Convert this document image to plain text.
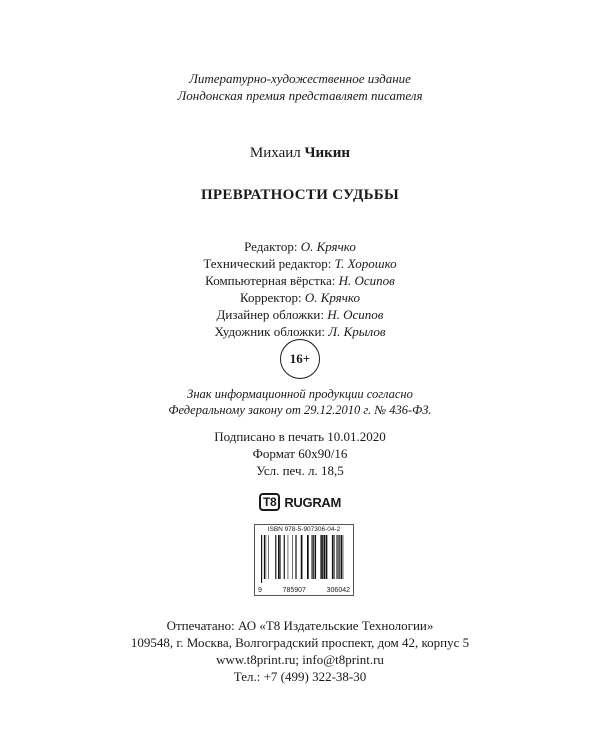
Литературно-художественное издание
Лондонская премия представляет писателя
Михаил Чикин
ПРЕВРАТНОСТИ СУДЬБЫ
Редактор: О. Крячко
Технический редактор: Т. Хорошко
Компьютерная вёрстка: Н. Осипов
Корректор: О. Крячко
Дизайнер обложки: Н. Осипов
Художник обложки: Л. Крылов
16+
Знак информационной продукции согласно
Федеральному закону от 29.12.2010 г. № 436-ФЗ.
Подписано в печать 10.01.2020
Формат 60х90/16
Усл. печ. л. 18,5
T8 RUGRAM
ISBN 978-5-907306-04-2
9	785907	306042
Отпечатано: АО «Т8 Издательские Технологии»
109548, г. Москва, Волгоградский проспект, дом 42, корпус 5
www.t8print.ru; info@t8print.ru
Тел.: +7 (499) 322-38-30
